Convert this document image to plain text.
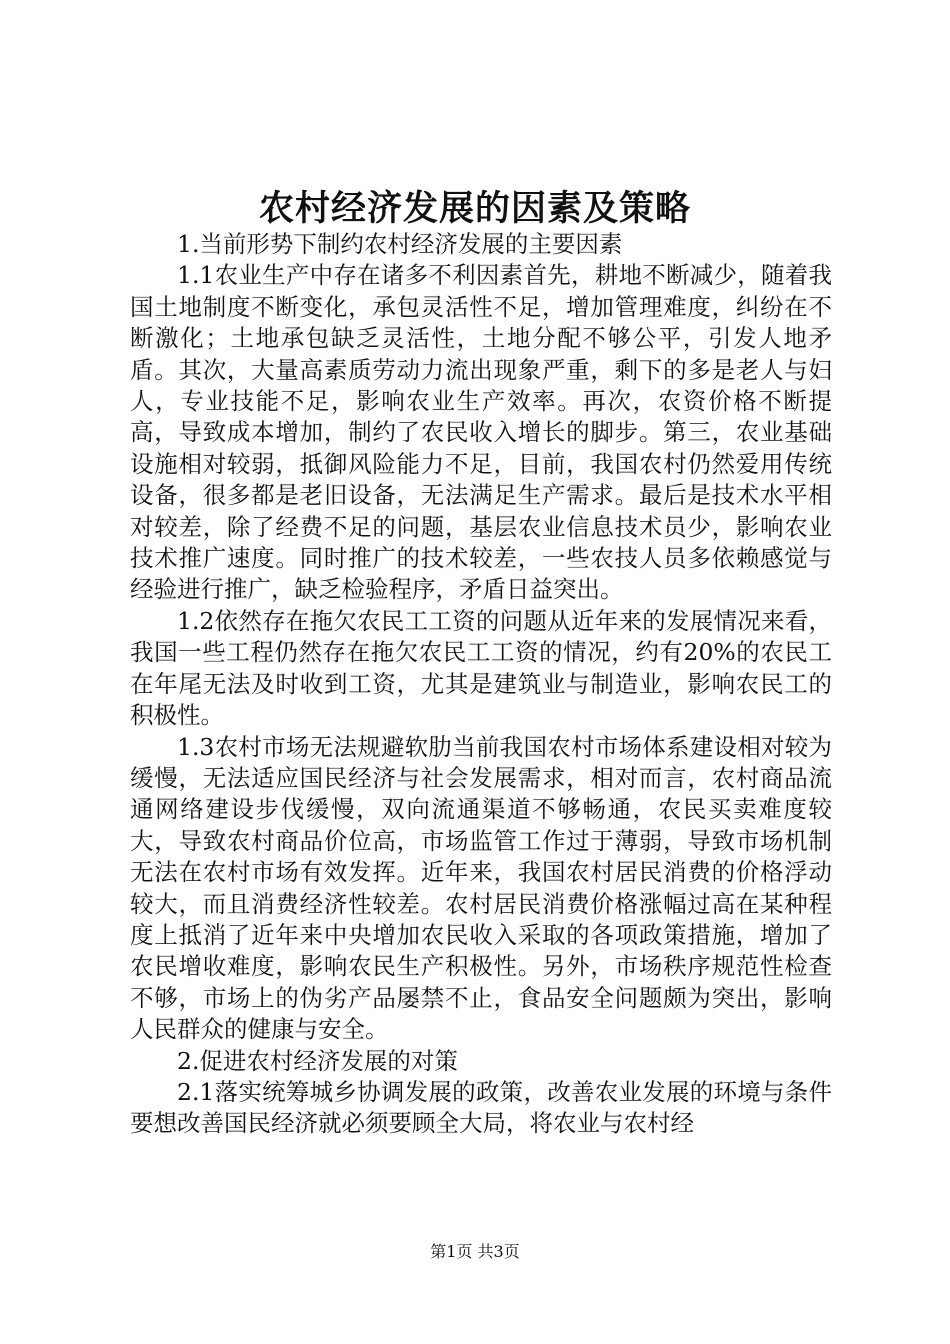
农村经济发展的因素及策略

1.当前形势下制约农村经济发展的主要因素

1.1农业生产中存在诸多不利因素首先，耕地不断减少，随着我国土地制度不断变化，承包灵活性不足，增加管理难度，纠纷在不断激化；土地承包缺乏灵活性，土地分配不够公平，引发人地矛盾。其次，大量高素质劳动力流出现象严重，剩下的多是老人与妇人，专业技能不足，影响农业生产效率。再次，农资价格不断提高，导致成本增加，制约了农民收入增长的脚步。第三，农业基础设施相对较弱，抵御风险能力不足，目前，我国农村仍然爱用传统设备，很多都是老旧设备，无法满足生产需求。最后是技术水平相对较差，除了经费不足的问题，基层农业信息技术员少，影响农业技术推广速度。同时推广的技术较差，一些农技人员多依赖感觉与经验进行推广，缺乏检验程序，矛盾日益突出。

1.2依然存在拖欠农民工工资的问题从近年来的发展情况来看，我国一些工程仍然存在拖欠农民工工资的情况，约有20%的农民工在年尾无法及时收到工资，尤其是建筑业与制造业，影响农民工的积极性。

1.3农村市场无法规避软肋当前我国农村市场体系建设相对较为缓慢，无法适应国民经济与社会发展需求，相对而言，农村商品流通网络建设步伐缓慢，双向流通渠道不够畅通，农民买卖难度较大，导致农村商品价位高，市场监管工作过于薄弱，导致市场机制无法在农村市场有效发挥。近年来，我国农村居民消费的价格浮动较大，而且消费经济性较差。农村居民消费价格涨幅过高在某种程度上抵消了近年来中央增加农民收入采取的各项政策措施，增加了农民增收难度，影响农民生产积极性。另外，市场秩序规范性检查不够，市场上的伪劣产品屡禁不止，食品安全问题颇为突出，影响人民群众的健康与安全。

2.促进农村经济发展的对策

2.1落实统筹城乡协调发展的政策，改善农业发展的环境与条件要想改善国民经济就必须要顾全大局，将农业与农村经

第1页 共3页
